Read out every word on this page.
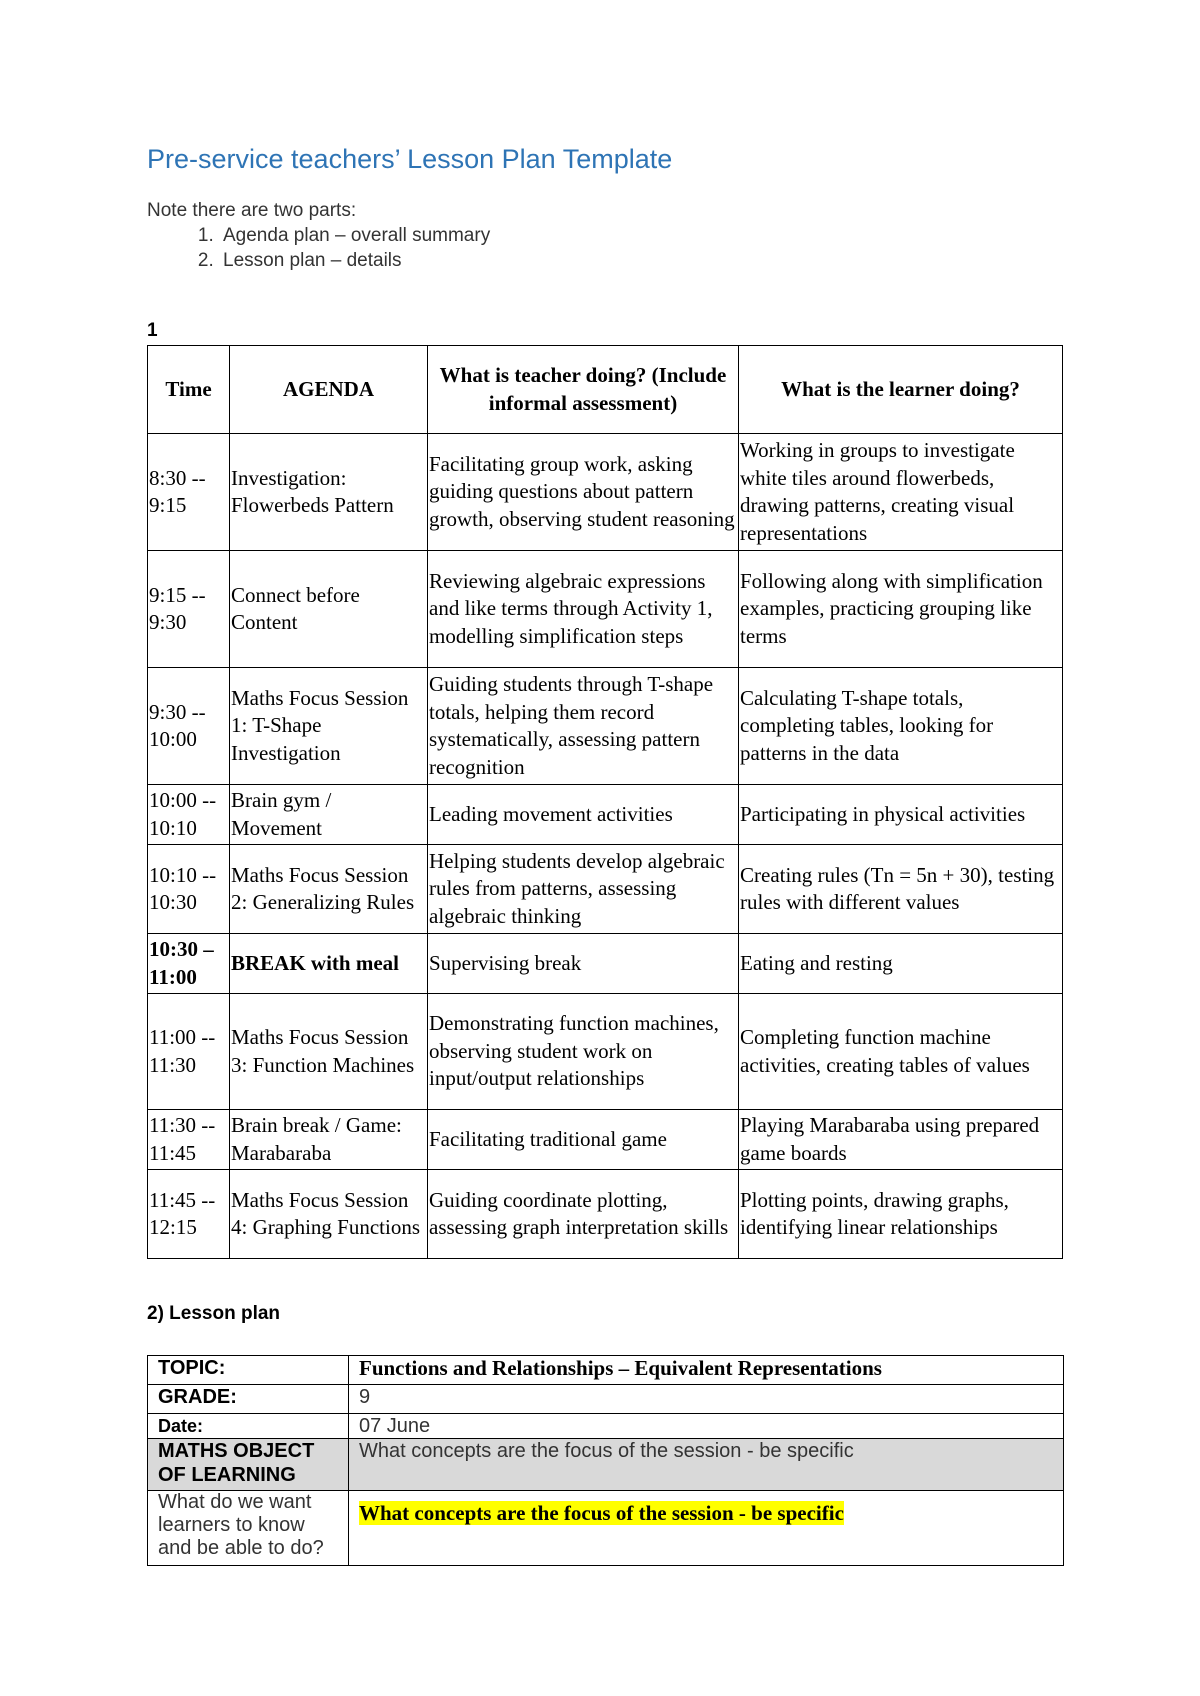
Pre-service teachers’ Lesson Plan Template
Note there are two parts:
1. Agenda plan – overall summary
2. Lesson plan – details
1
Time	AGENDA	What is teacher doing? (Include informal assessment)	What is the learner doing?
8:30 -- 9:15	Investigation: Flowerbeds Pattern	Facilitating group work, asking guiding questions about pattern growth, observing student reasoning	Working in groups to investigate white tiles around flowerbeds, drawing patterns, creating visual representations
9:15 -- 9:30	Connect before Content	Reviewing algebraic expressions and like terms through Activity 1, modelling simplification steps	Following along with simplification examples, practicing grouping like terms
9:30 -- 10:00	Maths Focus Session 1: T-Shape Investigation	Guiding students through T-shape totals, helping them record systematically, assessing pattern recognition	Calculating T-shape totals, completing tables, looking for patterns in the data
10:00 -- 10:10	Brain gym / Movement	Leading movement activities	Participating in physical activities
10:10 -- 10:30	Maths Focus Session 2: Generalizing Rules	Helping students develop algebraic rules from patterns, assessing algebraic thinking	Creating rules (Tn = 5n + 30), testing rules with different values
10:30 – 11:00	BREAK with meal	Supervising break	Eating and resting
11:00 -- 11:30	Maths Focus Session 3: Function Machines	Demonstrating function machines, observing student work on input/output relationships	Completing function machine activities, creating tables of values
11:30 -- 11:45	Brain break / Game: Marabaraba	Facilitating traditional game	Playing Marabaraba using prepared game boards
11:45 -- 12:15	Maths Focus Session 4: Graphing Functions	Guiding coordinate plotting, assessing graph interpretation skills	Plotting points, drawing graphs, identifying linear relationships
2) Lesson plan
TOPIC:	Functions and Relationships – Equivalent Representations
GRADE:	9
Date:	07 June
MATHS OBJECT OF LEARNING	What concepts are the focus of the session - be specific
What do we want learners to know and be able to do?	What concepts are the focus of the session - be specific
